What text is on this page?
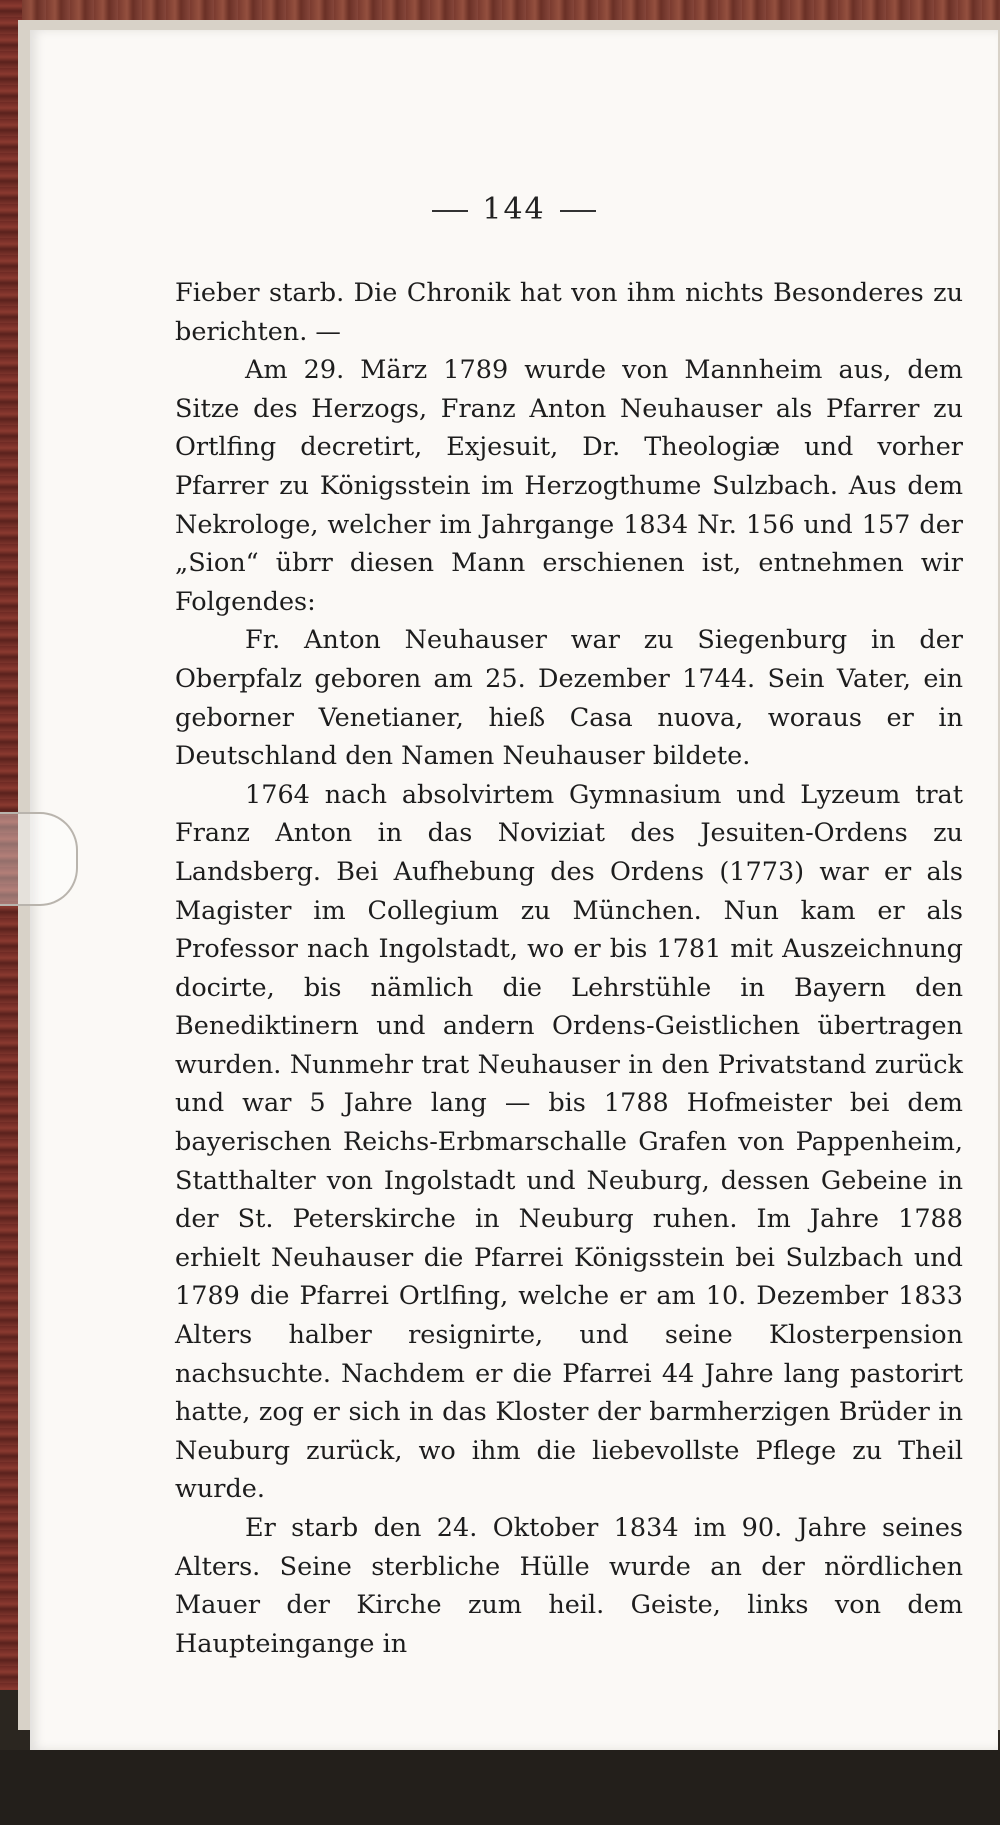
144

Fieber starb. Die Chronik hat von ihm nichts Besonderes zu berichten. —

Am 29. März 1789 wurde von Mannheim aus, dem Sitze des Herzogs, Franz Anton Neuhauser als Pfarrer zu Ortlfing decretirt, Exjesuit, Dr. Theologiæ und vorher Pfarrer zu Königsstein im Herzogthume Sulzbach. Aus dem Nekrologe, welcher im Jahrgange 1834 Nr. 156 und 157 der „Sion“ übrr diesen Mann erschienen ist, entnehmen wir Folgendes:

Fr. Anton Neuhauser war zu Siegenburg in der Oberpfalz geboren am 25. Dezember 1744. Sein Vater, ein geborner Venetianer, hieß Casa nuova, woraus er in Deutschland den Namen Neuhauser bildete.

1764 nach absolvirtem Gymnasium und Lyzeum trat Franz Anton in das Noviziat des Jesuiten-Ordens zu Landsberg. Bei Aufhebung des Ordens (1773) war er als Magister im Collegium zu München. Nun kam er als Professor nach Ingolstadt, wo er bis 1781 mit Auszeichnung docirte, bis nämlich die Lehrstühle in Bayern den Benediktinern und andern Ordens-Geistlichen übertragen wurden. Nunmehr trat Neuhauser in den Privatstand zurück und war 5 Jahre lang — bis 1788 Hofmeister bei dem bayerischen Reichs-Erbmarschalle Grafen von Pappenheim, Statthalter von Ingolstadt und Neuburg, dessen Gebeine in der St. Peterskirche in Neuburg ruhen. Im Jahre 1788 erhielt Neuhauser die Pfarrei Königsstein bei Sulzbach und 1789 die Pfarrei Ortlfing, welche er am 10. Dezember 1833 Alters halber resignirte, und seine Klosterpension nachsuchte. Nachdem er die Pfarrei 44 Jahre lang pastorirt hatte, zog er sich in das Kloster der barmherzigen Brüder in Neuburg zurück, wo ihm die liebevollste Pflege zu Theil wurde.

Er starb den 24. Oktober 1834 im 90. Jahre seines Alters. Seine sterbliche Hülle wurde an der nördlichen Mauer der Kirche zum heil. Geiste, links von dem Haupteingange in
